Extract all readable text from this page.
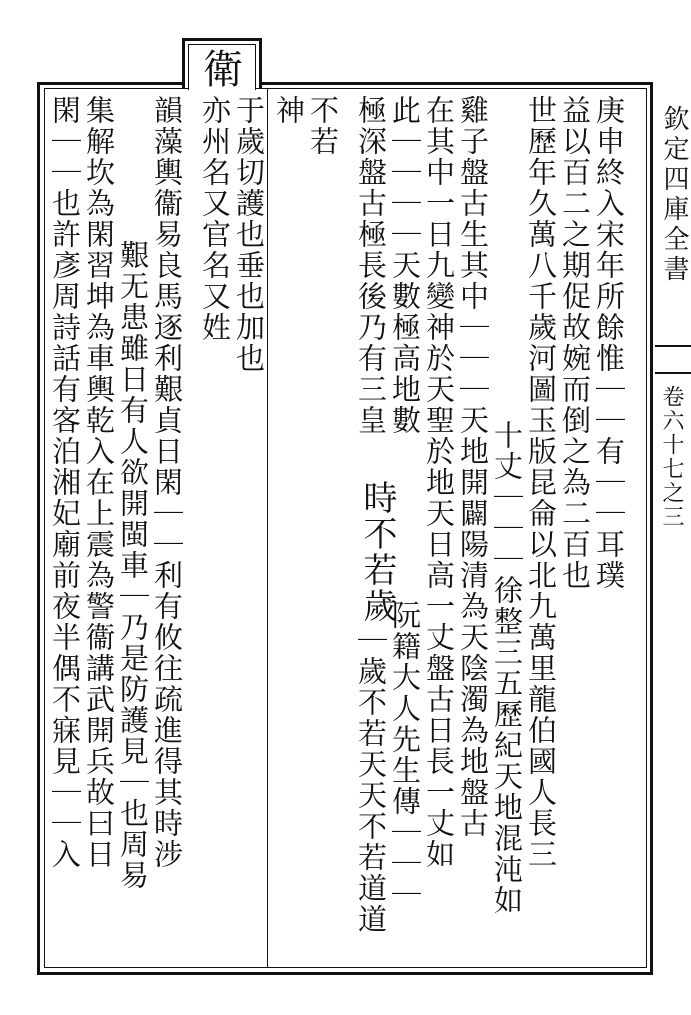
衛
欽定四庫全書
卷六十七之三
庚申終入宋年所餘惟｜｜有｜｜耳璞
益以百二之期促故婉而倒之為二百也
世歷年久萬八千歲河圖玉版昆侖以北九萬里龍伯國人長三
十丈｜｜｜徐整三五歷紀天地混沌如
雞子盤古生其中｜｜｜天地開闢陽清為天陰濁為地盤古
在其中一日九變神於天聖於地天日高一丈盤古日長一丈如
此｜｜｜｜天數極高地數
極深盤古極長後乃有三皇
時不若歲
阮籍大人先生傳｜｜｜
｜歲不若天天不若道道
不若
神
于歲切護也垂也加也
亦州名又官名又姓
韻藻輿衞易良馬逐利艱貞日閑｜｜利有攸往疏進得其時涉
艱无患雖日有人欲開閩車｜乃是防護見｜也周易
集解坎為閑習坤為車輿乾入在上震為警衞講武開兵故曰日
閑｜｜也許彥周詩話有客泊湘妃廟前夜半偶不寐見｜｜入
